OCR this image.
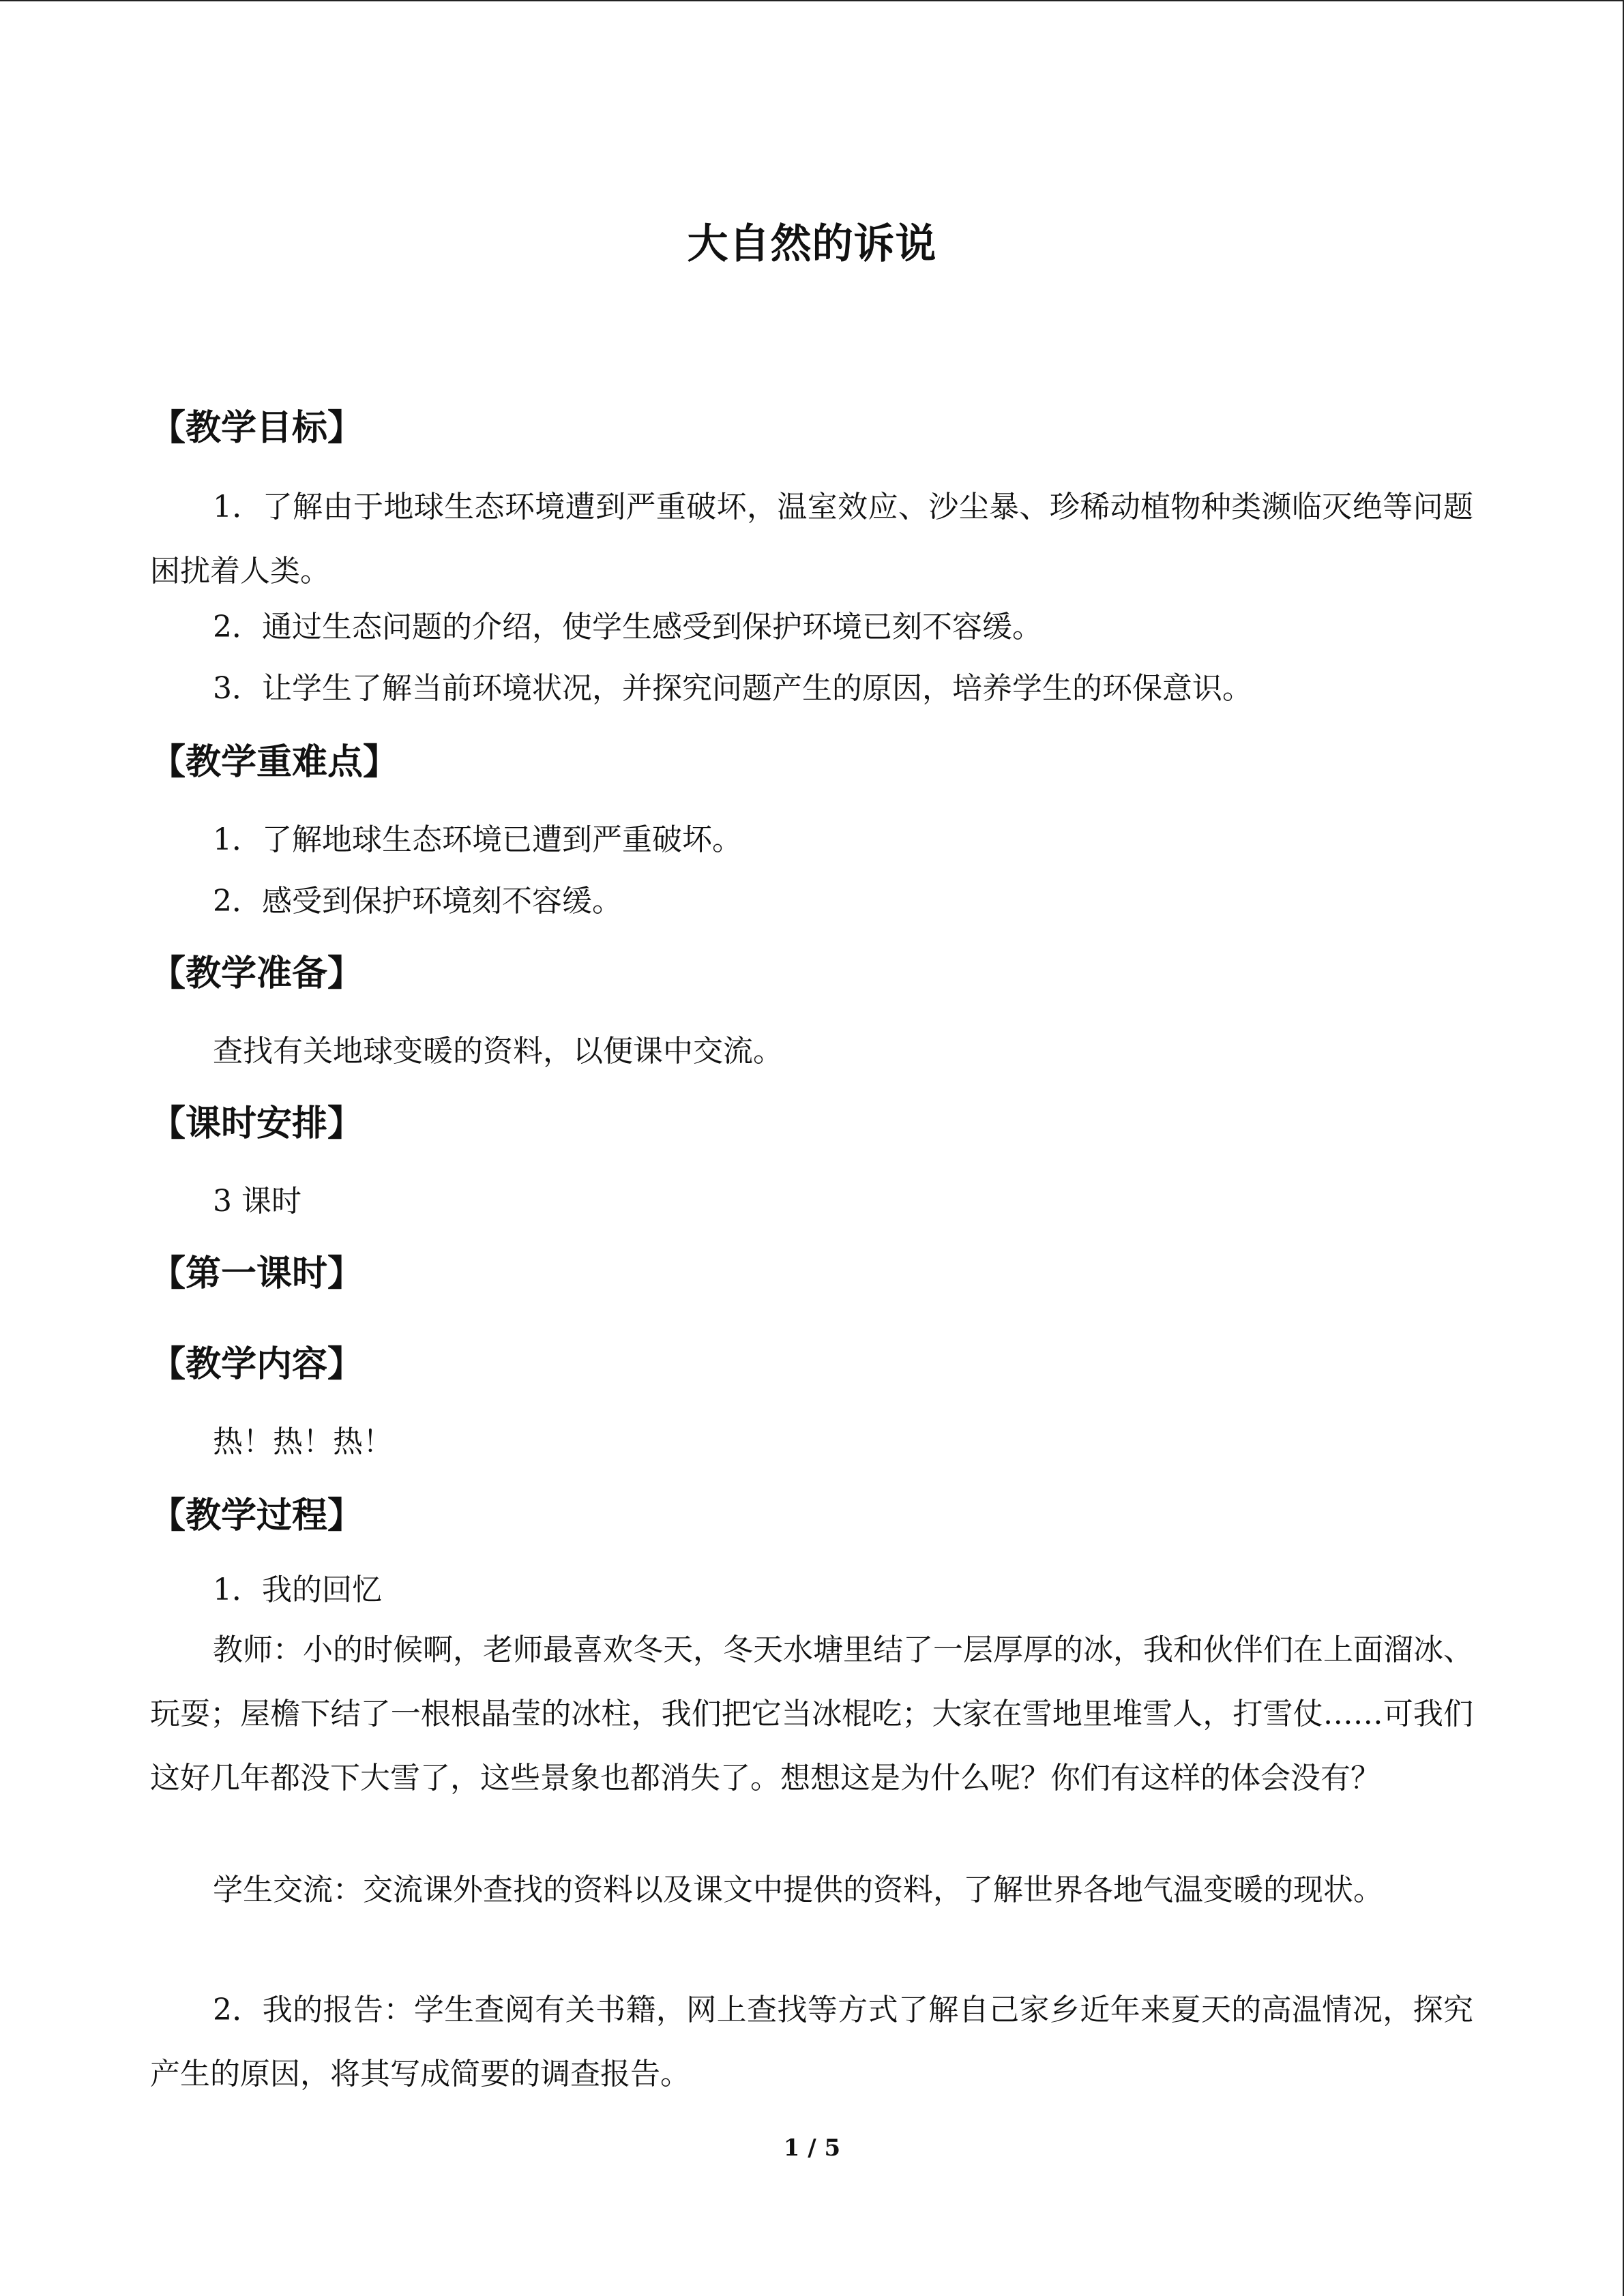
大自然的诉说
【教学目标】
1．了解由于地球生态环境遭到严重破坏，温室效应、沙尘暴、珍稀动植物种类濒临灭绝等问题困扰着人类。
2．通过生态问题的介绍，使学生感受到保护环境已刻不容缓。
3．让学生了解当前环境状况，并探究问题产生的原因，培养学生的环保意识。
【教学重难点】
1．了解地球生态环境已遭到严重破坏。
2．感受到保护环境刻不容缓。
【教学准备】
查找有关地球变暖的资料，以便课中交流。
【课时安排】
3 课时
【第一课时】
【教学内容】
热！热！热！
【教学过程】
1．我的回忆
教师：小的时候啊，老师最喜欢冬天，冬天水塘里结了一层厚厚的冰，我和伙伴们在上面溜冰、玩耍；屋檐下结了一根根晶莹的冰柱，我们把它当冰棍吃；大家在雪地里堆雪人，打雪仗……可我们这好几年都没下大雪了，这些景象也都消失了。想想这是为什么呢？你们有这样的体会没有？
学生交流：交流课外查找的资料以及课文中提供的资料，了解世界各地气温变暖的现状。
2．我的报告：学生查阅有关书籍，网上查找等方式了解自己家乡近年来夏天的高温情况，探究产生的原因，将其写成简要的调查报告。
1 / 5
